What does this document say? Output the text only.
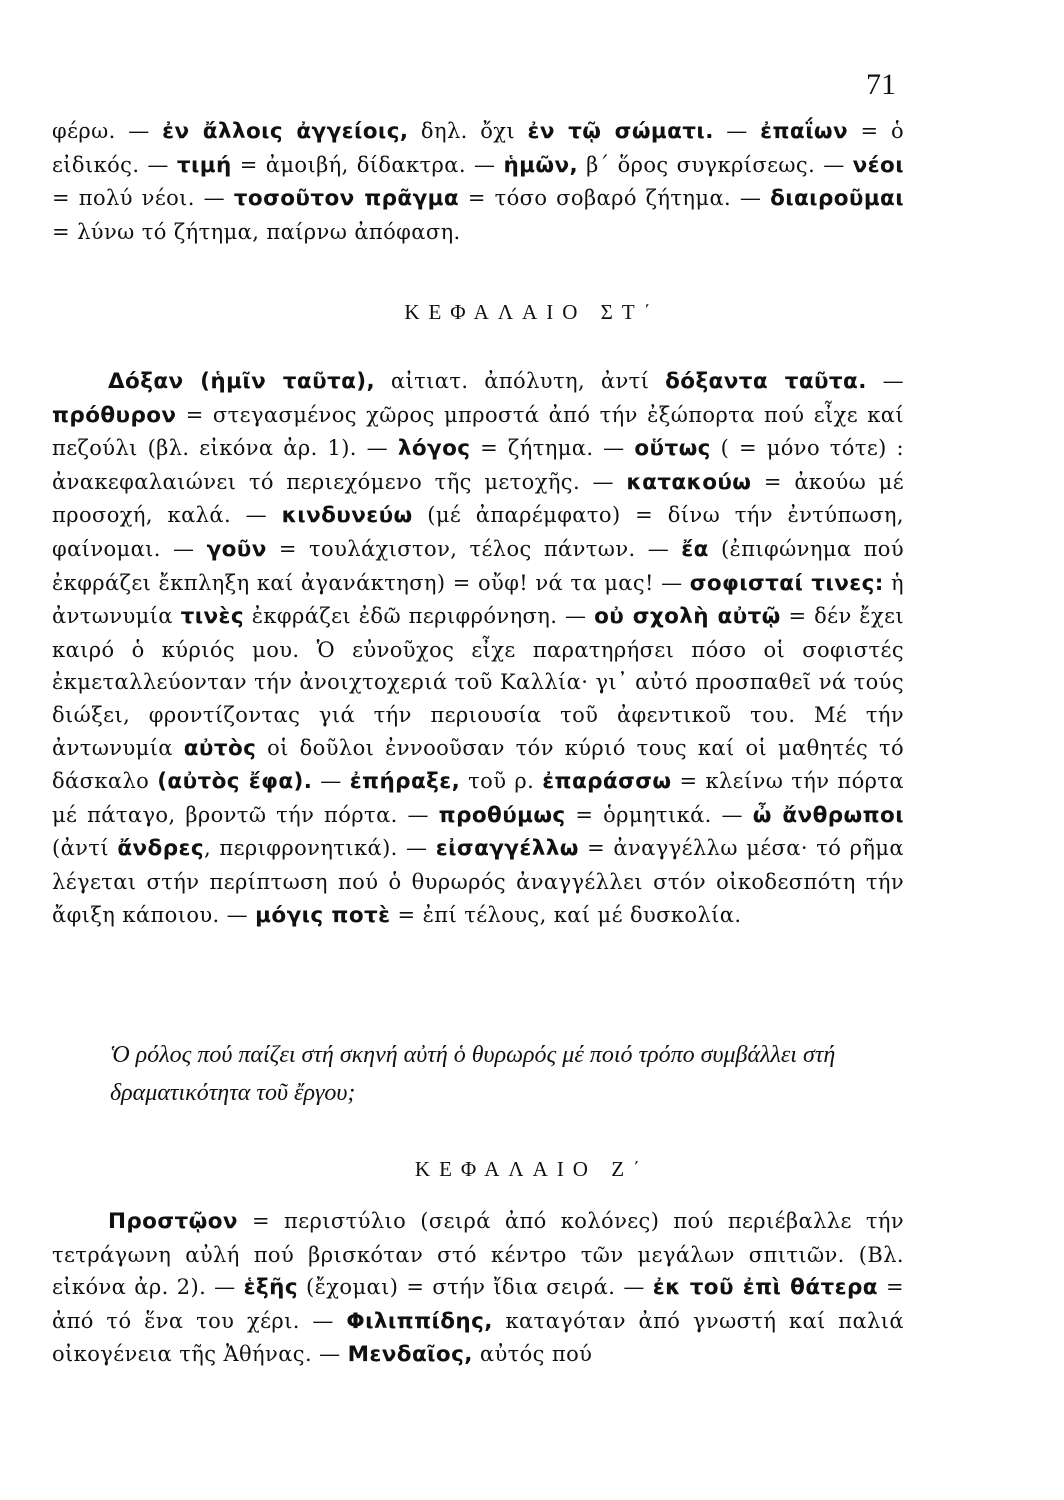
71

φέρω. — ἐν ἄλλοις ἀγγείοις, δηλ. ὄχι ἐν τῷ σώματι. — ἐπαΐων = ὁ εἰδικός. — τιμή = ἀμοιβή, δίδακτρα. — ἡμῶν, β΄ ὅρος συγκρίσεως. — νέοι = πολύ νέοι. — τοσοῦτον πρᾶγμα = τόσο σοβαρό ζήτημα. — διαιροῦμαι = λύνω τό ζήτημα, παίρνω ἀπόφαση.

ΚΕΦΑΛΑΙΟ ΣΤ΄

Δόξαν (ἡμῖν ταῦτα), αἰτιατ. ἀπόλυτη, ἀντί δόξαντα ταῦτα. — πρόθυρον = στεγασμένος χῶρος μπροστά ἀπό τήν ἐξώπορτα πού εἶχε καί πεζούλι (βλ. εἰκόνα ἀρ. 1). — λόγος = ζήτημα. — οὕτως ( = μόνο τότε) : ἀνακεφαλαιώνει τό περιεχόμενο τῆς μετοχῆς. — κατακούω = ἀκούω μέ προσοχή, καλά. — κινδυνεύω (μέ ἀπαρέμφατο) = δίνω τήν ἐντύπωση, φαίνομαι. — γοῦν = τουλάχιστον, τέλος πάντων. — ἔα (ἐπιφώνημα πού ἐκφράζει ἔκπληξη καί ἀγανάκτηση) = οὔφ! νά τα μας! — σοφισταί τινες: ἡ ἀντωνυμία τινὲς ἐκφράζει ἐδῶ περιφρόνηση. — οὐ σχολὴ αὐτῷ = δέν ἔχει καιρό ὁ κύριός μου. Ὁ εὐνοῦχος εἶχε παρατηρήσει πόσο οἱ σοφιστές ἐκμεταλλεύονταν τήν ἀνοιχτοχεριά τοῦ Καλλία· γι᾽ αὐτό προσπαθεῖ νά τούς διώξει, φροντίζοντας γιά τήν περιουσία τοῦ ἀφεντικοῦ του. Μέ τήν ἀντωνυμία αὐτὸς οἱ δοῦλοι ἐννοοῦσαν τόν κύριό τους καί οἱ μαθητές τό δάσκαλο (αὐτὸς ἔφα). — ἐπήραξε, τοῦ ρ. ἐπαράσσω = κλείνω τήν πόρτα μέ πάταγο, βροντῶ τήν πόρτα. — προθύμως = ὁρμητικά. — ὦ ἄνθρωποι (ἀντί ἄνδρες, περιφρονητικά). — εἰσαγγέλλω = ἀναγγέλλω μέσα· τό ρῆμα λέγεται στήν περίπτωση πού ὁ θυρωρός ἀναγγέλλει στόν οἰκοδεσπότη τήν ἄφιξη κάποιου. — μόγις ποτὲ = ἐπί τέλους, καί μέ δυσκολία.

Ὁ ρόλος πού παίζει στή σκηνή αὐτή ὁ θυρωρός μέ ποιό τρόπο συμβάλλει στή δραματικότητα τοῦ ἔργου;

ΚΕΦΑΛΑΙΟ Ζ΄

Προστῷον = περιστύλιο (σειρά ἀπό κολόνες) πού περιέβαλλε τήν τετράγωνη αὐλή πού βρισκόταν στό κέντρο τῶν μεγάλων σπιτιῶν. (Βλ. εἰκόνα ἀρ. 2). — ἑξῆς (ἔχομαι) = στήν ἴδια σειρά. — ἐκ τοῦ ἐπὶ θάτερα = ἀπό τό ἕνα του χέρι. — Φιλιππίδης, καταγόταν ἀπό γνωστή καί παλιά οἰκογένεια τῆς Ἀθήνας. — Μενδαῖος, αὐτός πού
